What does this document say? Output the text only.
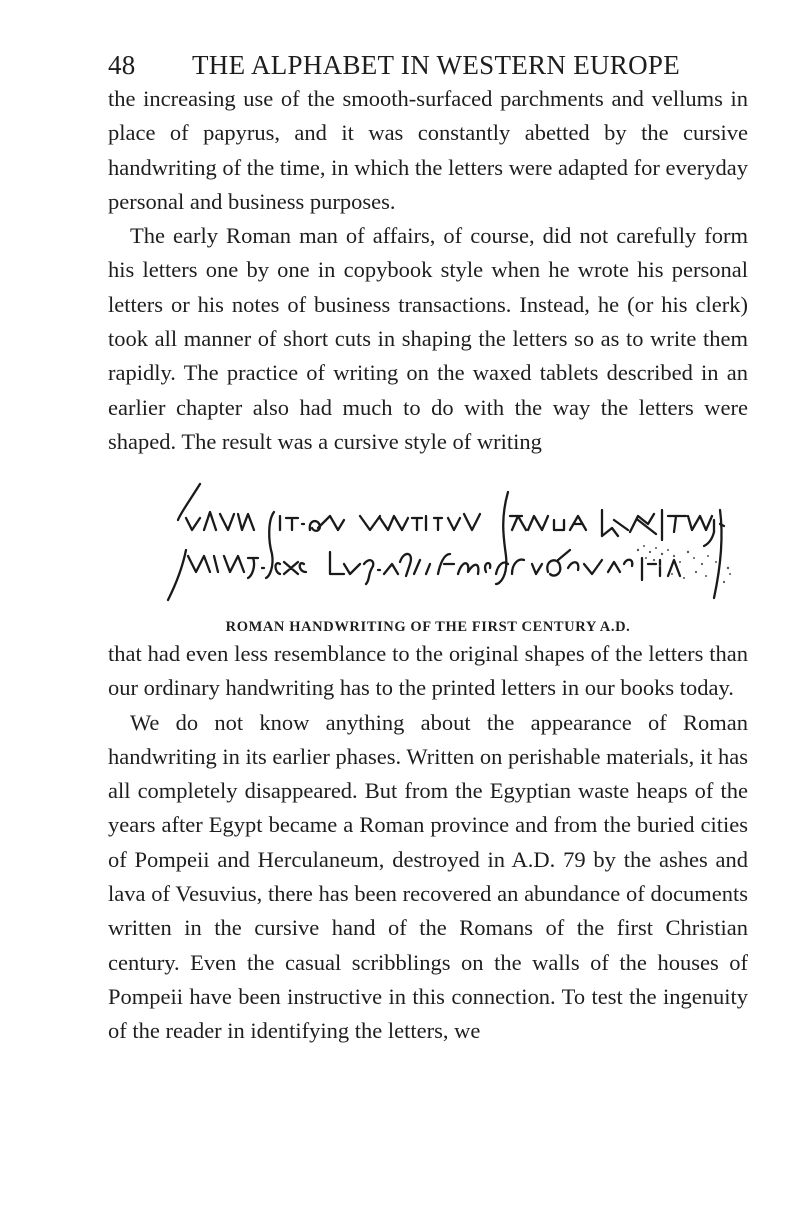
48 THE ALPHABET IN WESTERN EUROPE

the increasing use of the smooth-surfaced parchments and vellums in place of papyrus, and it was constantly abetted by the cursive handwriting of the time, in which the letters were adapted for everyday personal and business purposes.

The early Roman man of affairs, of course, did not carefully form his letters one by one in copybook style when he wrote his personal letters or his notes of business transactions. Instead, he (or his clerk) took all manner of short cuts in shaping the letters so as to write them rapidly. The practice of writing on the waxed tablets described in an earlier chapter also had much to do with the way the letters were shaped. The result was a cursive style of writing

ROMAN HANDWRITING OF THE FIRST CENTURY A.D.

that had even less resemblance to the original shapes of the letters than our ordinary handwriting has to the printed letters in our books today.

We do not know anything about the appearance of Roman handwriting in its earlier phases. Written on perishable materials, it has all completely disappeared. But from the Egyptian waste heaps of the years after Egypt became a Roman province and from the buried cities of Pompeii and Herculaneum, destroyed in A.D. 79 by the ashes and lava of Vesuvius, there has been recovered an abundance of documents written in the cursive hand of the Romans of the first Christian century. Even the casual scribblings on the walls of the houses of Pompeii have been instructive in this connection. To test the ingenuity of the reader in identifying the letters, we
